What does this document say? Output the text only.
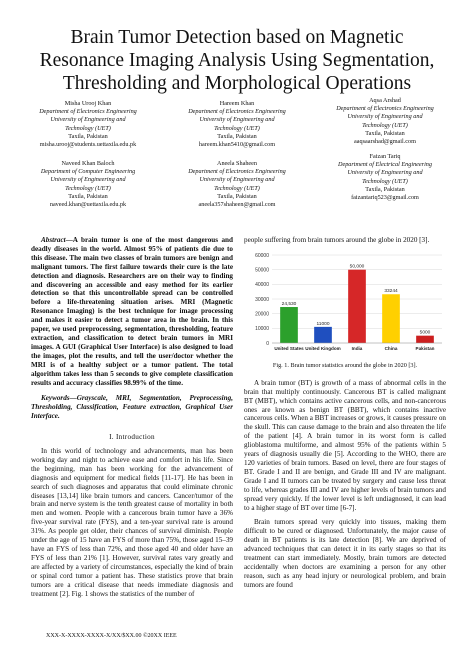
Brain Tumor Detection based on Magnetic
Resonance Imaging Analysis Using Segmentation,
Thresholding and Morphological Operations
Misha Urooj Khan
Department of Electronics Engineering
University of Engineering and
Technology (UET)
Taxila, Pakistan
misha.urooj@students.uettaxila.edu.pk
Hareem Khan
Department of Electronics Engineering
University of Engineering and
Technology (UET)
Taxila, Pakistan
hareem.khan5410@gmail.com
Aqsa Arshad
Department of Electronics Engineering
University of Engineering and
Technology (UET)
Taxila, Pakistan
aaqsaarshad@gmail.com
Naveed Khan Baloch
Department of Computer Engineering
University of Engineering and
Technology (UET)
Taxila, Pakistan
naveed.khan@uettaxila.edu.pk
Aneela Shaheen
Department of Electronics Engineering
University of Engineering and
Technology (UET)
Taxila, Pakistan
aneela357shaheen@gmail.com
Faizan Tariq
Department of Electrical Engineering
University of Engineering and
Technology (UET)
Taxila, Pakistan
faizantariq523@gmail.com

Abstract—A brain tumor is one of the most dangerous and deadly diseases in the world. Almost 95% of patients die due to this disease. The main two classes of brain tumors are benign and malignant tumors. The first failure towards their cure is the late detection and diagnosis. Researchers are on their way to finding and discovering an accessible and easy method for its earlier detection so that this uncontrollable spread can be controlled before a life-threatening situation arises. MRI (Magnetic Resonance Imaging) is the best technique for image processing and makes it easier to detect a tumor area in the brain. In this paper, we used preprocessing, segmentation, thresholding, feature extraction, and classification to detect brain tumors in MRI images. A GUI (Graphical User Interface) is also designed to load the images, plot the results, and tell the user/doctor whether the MRI is of a healthy subject or a tumor patient. The total algorithm takes less than 5 seconds to give complete classification results and accuracy classifies 98.99% of the time.

Keywords—Grayscale, MRI, Segmentation, Preprocessing, Thresholding, Classification, Feature extraction, Graphical User Interface.

I. Introduction

In this world of technology and advancements, man has been working day and night to achieve ease and comfort in his life. Since the beginning, man has been working for the advancement of diagnosis and equipment for medical fields [11-17]. He has been in search of such diagnoses and apparatus that could eliminate chronic diseases [13,14] like brain tumors and cancers. Cancer/tumor of the brain and nerve system is the tenth greatest cause of mortality in both men and women. People with a cancerous brain tumor have a 36% five-year survival rate (FYS), and a ten-year survival rate is around 31%. As people get older, their chances of survival diminish. People under the age of 15 have an FYS of more than 75%, those aged 15–39 have an FYS of less than 72%, and those aged 40 and older have an FYS of less than 21% [1]. However, survival rates vary greatly and are affected by a variety of circumstances, especially the kind of brain or spinal cord tumor a patient has. These statistics prove that brain tumors are a critical disease that needs immediate diagnosis and treatment [2]. Fig. 1 shows the statistics of the number of

people suffering from brain tumors around the globe in 2020 [3].

60000
50000
40000
30000
20000
10000
0
24,530
United States
11000
United Kingdom
50,000
India
33244
China
5000
Pakistan

Fig. 1. Brain tumor statistics around the globe in 2020 [3].

A brain tumor (BT) is growth of a mass of abnormal cells in the brain that multiply continuously. Cancerous BT is called malignant BT (MBT), which contains active cancerous cells, and non-cancerous ones are known as benign BT (BBT), which contains inactive cancerous cells. When a BBT increases or grows, it causes pressure on the skull. This can cause damage to the brain and also threaten the life of the patient [4]. A brain tumor in its worst form is called glioblastoma multiforme, and almost 95% of the patients within 5 years of diagnosis usually die [5]. According to the WHO, there are 120 varieties of brain tumors. Based on level, there are four stages of BT. Grade I and II are benign, and Grade III and IV are malignant. Grade I and II tumors can be treated by surgery and cause less threat to life, whereas grades III and IV are higher levels of brain tumors and spread very quickly. If the lower level is left undiagnosed, it can lead to a higher stage of BT over time [6-7].

Brain tumors spread very quickly into tissues, making them difficult to be cured or diagnosed. Unfortunately, the major cause of death in BT patients is its late detection [8]. We are deprived of advanced techniques that can detect it in its early stages so that its treatment can start immediately. Mostly, brain tumors are detected accidentally when doctors are examining a person for any other reason, such as any head injury or neurological problem, and brain tumors are found

XXX-X-XXXX-XXXX-X/XX/$XX.00 ©20XX IEEE
